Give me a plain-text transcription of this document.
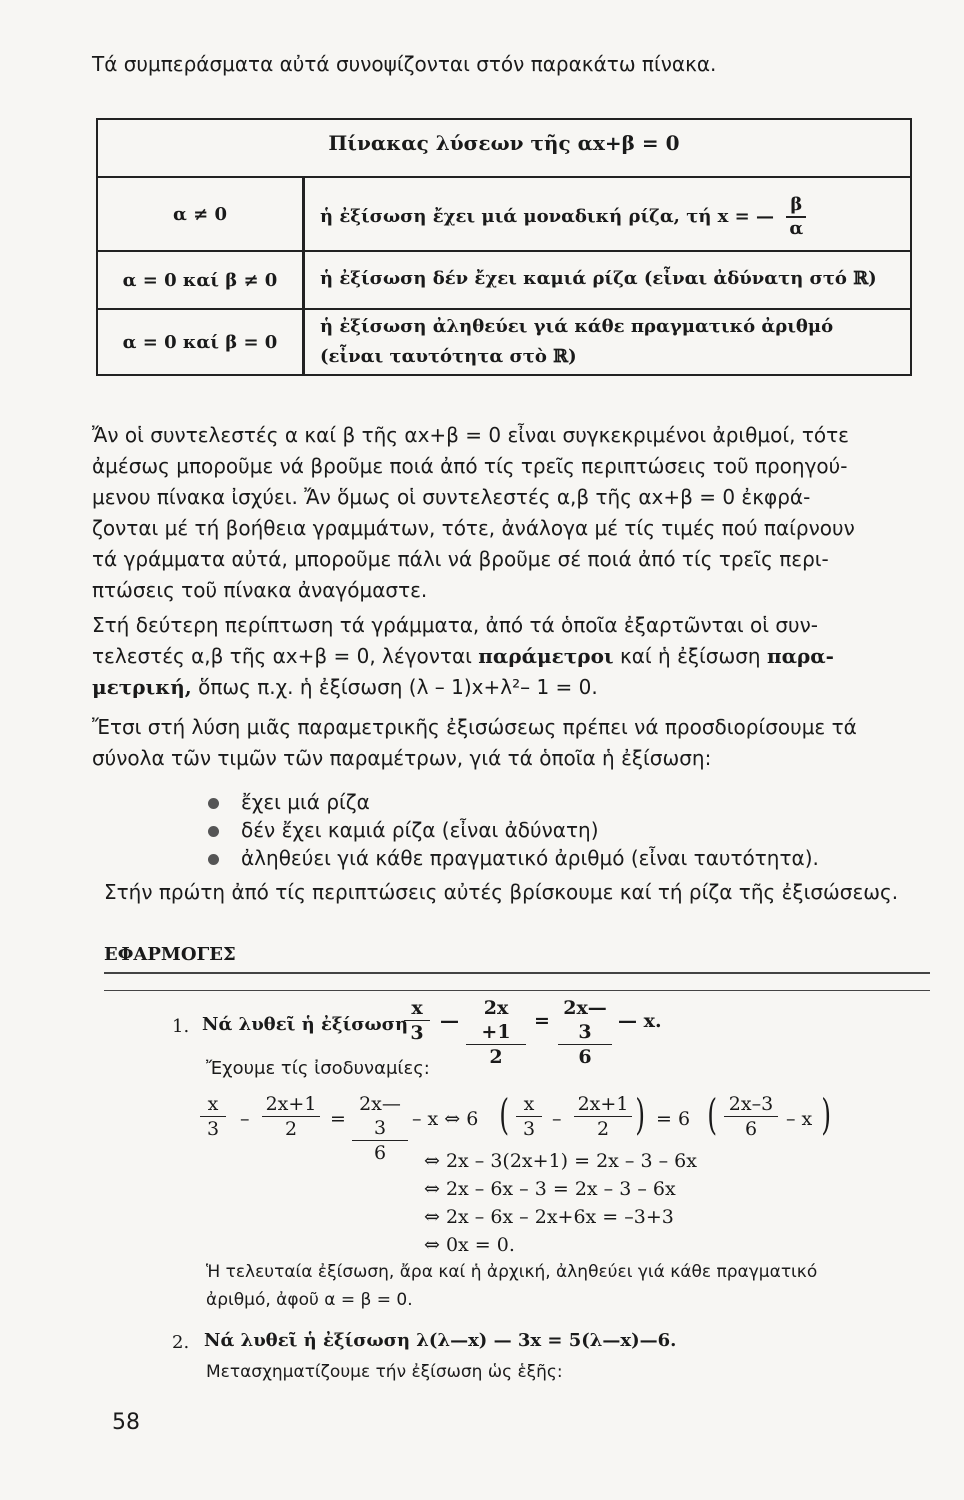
Τά συμπεράσματα αὐτά συνοψίζονται στόν παρακάτω πίνακα.
Πίνακας λύσεων τῆς αx+β = 0
α ≠ 0	ἡ ἐξίσωση ἔχει μιά μοναδική ρίζα, τή x = — $\frac{\beta}{\alpha}$
α = 0 καί β ≠ 0	ἡ ἐξίσωση δέν ἔχει καμιά ρίζα (εἶναι ἀδύνατη στό ℝ)
α = 0 καί β = 0
ἡ ἐξίσωση ἀληθεύει γιά κάθε πραγματικό ἀριθμό
(εἶναι ταυτότητα στὸ ℝ)

Ἄν οἱ συντελεστές α καί β τῆς αx+β = 0 εἶναι συγκεκριμένοι ἀριθμοί, τότε

ἀμέσως μποροῦμε νά βροῦμε ποιά ἀπό τίς τρεῖς περιπτώσεις τοῦ προηγού-

μενου πίνακα ἰσχύει. Ἄν ὅμως οἱ συντελεστές α,β τῆς αx+β = 0 ἐκφρά-

ζονται μέ τή βοήθεια γραμμάτων, τότε, ἀνάλογα μέ τίς τιμές πού παίρνουν

τά γράμματα αὐτά, μποροῦμε πάλι νά βροῦμε σέ ποιά ἀπό τίς τρεῖς περι-

πτώσεις τοῦ πίνακα ἀναγόμαστε.

Στή δεύτερη περίπτωση τά γράμματα, ἀπό τά ὁποῖα ἐξαρτῶνται οἱ συν-

τελεστές α,β τῆς αx+β = 0, λέγονται παράμετροι καί ἡ ἐξίσωση παρα-

μετρική, ὅπως π.χ. ἡ ἐξίσωση (λ – 1)x+λ²– 1 = 0.

Ἔτσι στή λύση μιᾶς παραμετρικῆς ἐξισώσεως πρέπει νά προσδιορίσουμε τά

σύνολα τῶν τιμῶν τῶν παραμέτρων, γιά τά ὁποῖα ἡ ἐξίσωση:

ἔχει μιά ρίζα
δέν ἔχει καμιά ρίζα (εἶναι ἀδύνατη)
ἀληθεύει γιά κάθε πραγματικό ἀριθμό (εἶναι ταυτότητα).
Στήν πρώτη ἀπό τίς περιπτώσεις αὐτές βρίσκουμε καί τή ρίζα τῆς ἐξισώσεως.
ΕΦΑΡΜΟΓΕΣ
1. Νά λυθεῖ ἡ ἐξίσωση
$\frac{x}{3}$ — $\frac{2x +1}{2} = \frac{2x—3}{6}$ — x.
Ἔχουμε τίς ἰσοδυναμίες:
$\frac{x}{3} - \frac{2x+1}{2} = \frac{2x—3}{6} - x$ ⇔ 6 ( $\frac{x}{3} - \frac{2x+1}{2}$ ) = 6 ( $\frac{2x-3}{6}$ – x )
⇔ 2x – 3(2x+1) = 2x – 3 – 6x
⇔ 2x – 6x – 3 = 2x – 3 – 6x
⇔ 2x – 6x – 2x+6x = –3+3
⇔ 0x = 0.
Ἡ τελευταία ἐξίσωση, ἄρα καί ἡ ἀρχική, ἀληθεύει γιά κάθε πραγματικό
ἀριθμό, ἀφοῦ α = β = 0.
2. Νά λυθεῖ ἡ ἐξίσωση λ(λ—x) — 3x = 5(λ—x)—6.
Μετασχηματίζουμε τήν ἐξίσωση ὡς ἑξῆς:
58
